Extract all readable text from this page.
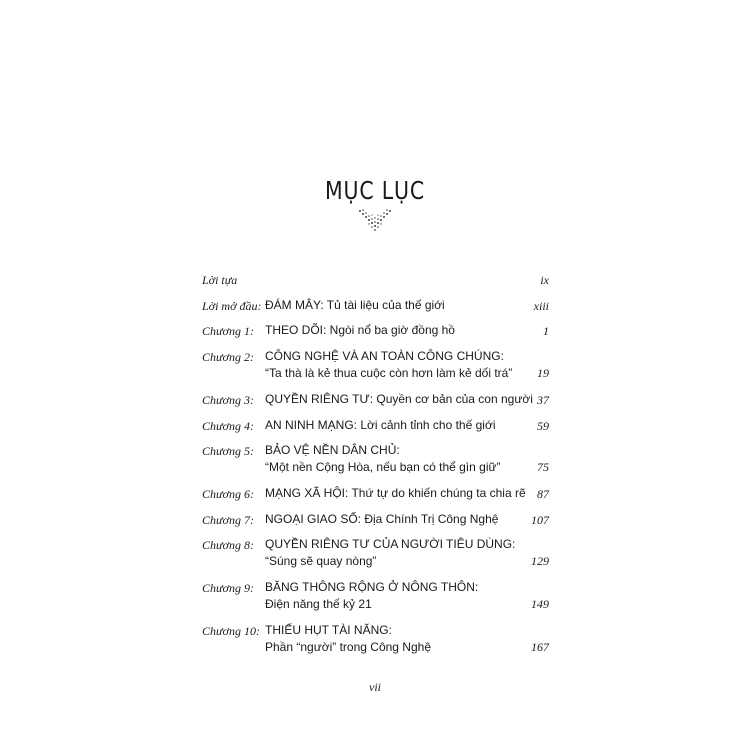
MỤC LỤC
Lời tựa	ix
Lời mở đầu: ĐÁM MÂY: Tủ tài liệu của thế giới	xiii
Chương 1: THEO DÕI: Ngòi nổ ba giờ đồng hồ	1
Chương 2: CÔNG NGHỆ VÀ AN TOÀN CÔNG CHÚNG:
“Ta thà là kẻ thua cuộc còn hơn làm kẻ dối trá” 19
Chương 3: QUYỀN RIÊNG TƯ: Quyền cơ bản của con người 37
Chương 4: AN NINH MẠNG: Lời cảnh tỉnh cho thế giới	59
Chương 5: BẢO VỆ NỀN DÂN CHỦ:
“Một nền Cộng Hòa, nếu bạn có thể gìn giữ”	75
Chương 6: MẠNG XÃ HỘI: Thứ tự do khiến chúng ta chia rẽ 87
Chương 7: NGOẠI GIAO SỐ: Địa Chính Trị Công Nghệ	107
Chương 8: QUYỀN RIÊNG TƯ CỦA NGƯỜI TIÊU DÙNG:
“Súng sẽ quay nòng”	129
Chương 9: BĂNG THÔNG RỘNG Ở NÔNG THÔN:
Điện năng thế kỷ 21	149
Chương 10: THIẾU HỤT TÀI NĂNG:
Phần “người” trong Công Nghệ	167
vii
